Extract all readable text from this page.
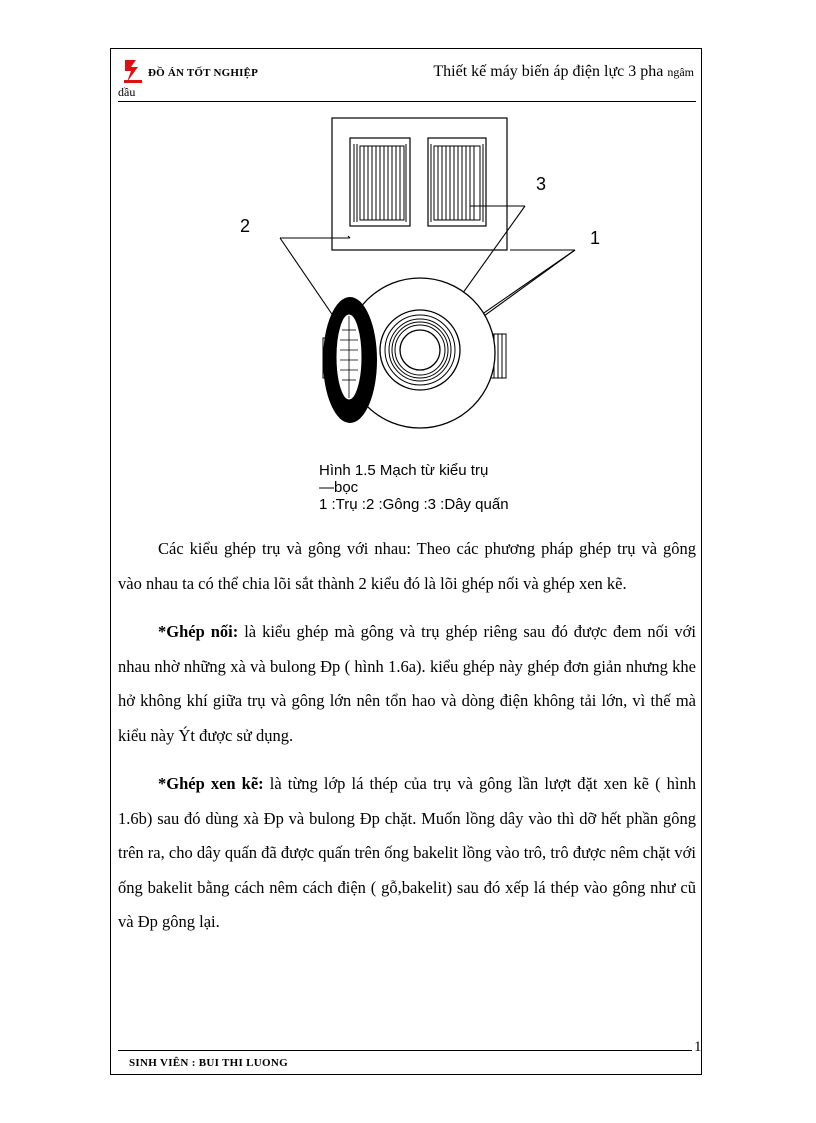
ĐỒ ÁN TỐT NGHIỆP	Thiết kế máy biến áp điện lực 3 pha ngâm
dầu
2
3
1
Hình 1.5 Mạch từ kiểu trụ
—bọc
1 :Trụ :2 :Gông :3 :Dây quấn

Các kiểu ghép trụ và gông với nhau: Theo các phương pháp ghép trụ và gông vào nhau ta có thể chia lõi sắt thành 2 kiểu đó là lõi ghép nối và ghép xen kẽ.

*Ghép nối: là kiểu ghép mà gông và trụ ghép riêng sau đó được đem nối với nhau nhờ những xà và bulong Đp ( hình 1.6a). kiểu ghép này ghép đơn giản nhưng khe hở không khí giữa trụ và gông lớn nên tổn hao và dòng điện không tải lớn, vì thế mà kiểu này Ýt được sử dụng.

*Ghép xen kẽ: là từng lớp lá thép của trụ và gông lần lượt đặt xen kẽ ( hình 1.6b) sau đó dùng xà Đp và bulong Đp chặt. Muốn lồng dây vào thì dỡ hết phần gông trên ra, cho dây quấn đã được quấn trên ống bakelit lồng vào trô, trô được nêm chặt với ống bakelit bằng cách nêm cách điện ( gỗ,bakelit) sau đó xếp lá thép vào gông như cũ và Đp gông lại.

1
SINH VIÊN : BUI THI LUONG
